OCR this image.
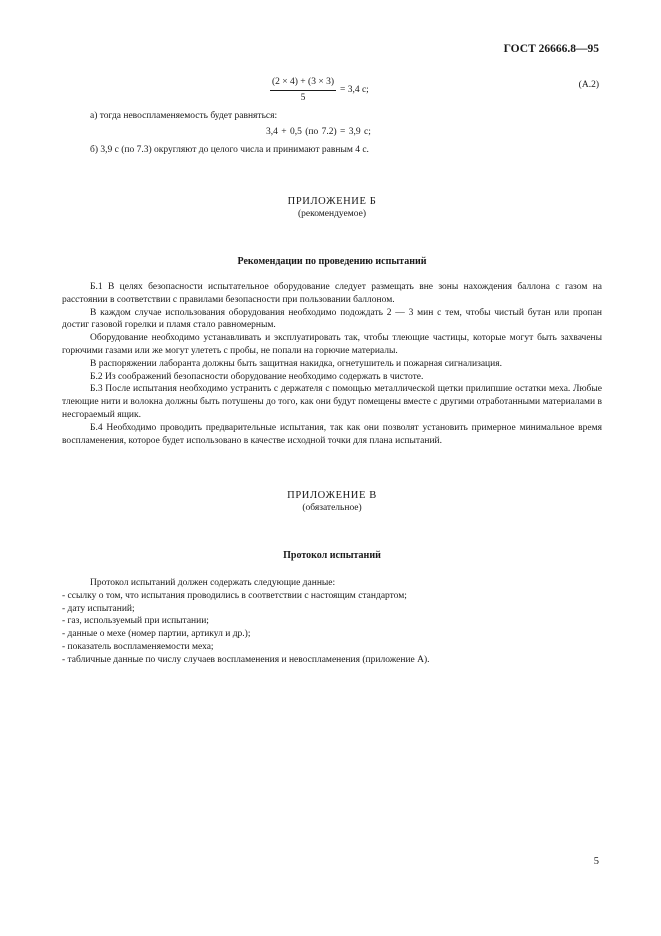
ГОСТ 26666.8—95
$\frac{(2 \times 4) + (3 \times 3)}{5} = 3,4$ с;	(А.2)
а) тогда невоспламеняемость будет равняться:
3,4 + 0,5 (по 7.2) = 3,9 с;
б) 3,9 с (по 7.3) округляют до целого числа и принимают равным 4 с.
ПРИЛОЖЕНИЕ Б
(рекомендуемое)
Рекомендации по проведению испытаний

Б.1 В целях безопасности испытательное оборудование следует размещать вне зоны нахождения баллона с газом на расстоянии в соответствии с правилами безопасности при пользовании баллоном.

В каждом случае использования оборудования необходимо подождать 2 — 3 мин с тем, чтобы чистый бутан или пропан достиг газовой горелки и пламя стало равномерным.

Оборудование необходимо устанавливать и эксплуатировать так, чтобы тлеющие частицы, которые могут быть захвачены горючими газами или же могут улететь с пробы, не попали на горючие материалы.

В распоряжении лаборанта должны быть защитная накидка, огнетушитель и пожарная сигнализация.

Б.2 Из соображений безопасности оборудование необходимо содержать в чистоте.

Б.3 После испытания необходимо устранить с держателя с помощью металлической щетки прилипшие остатки меха. Любые тлеющие нити и волокна должны быть потушены до того, как они будут помещены вместе с другими отработанными материалами в несгораемый ящик.

Б.4 Необходимо проводить предварительные испытания, так как они позволят установить примерное минимальное время воспламенения, которое будет использовано в качестве исходной точки для плана испытаний.

ПРИЛОЖЕНИЕ В
(обязательное)
Протокол испытаний
Протокол испытаний должен содержать следующие данные:
- ссылку о том, что испытания проводились в соответствии с настоящим стандартом;
- дату испытаний;
- газ, используемый при испытании;
- данные о мехе (номер партии, артикул и др.);
- показатель воспламеняемости меха;
- табличные данные по числу случаев воспламенения и невоспламенения (приложение А).
5
